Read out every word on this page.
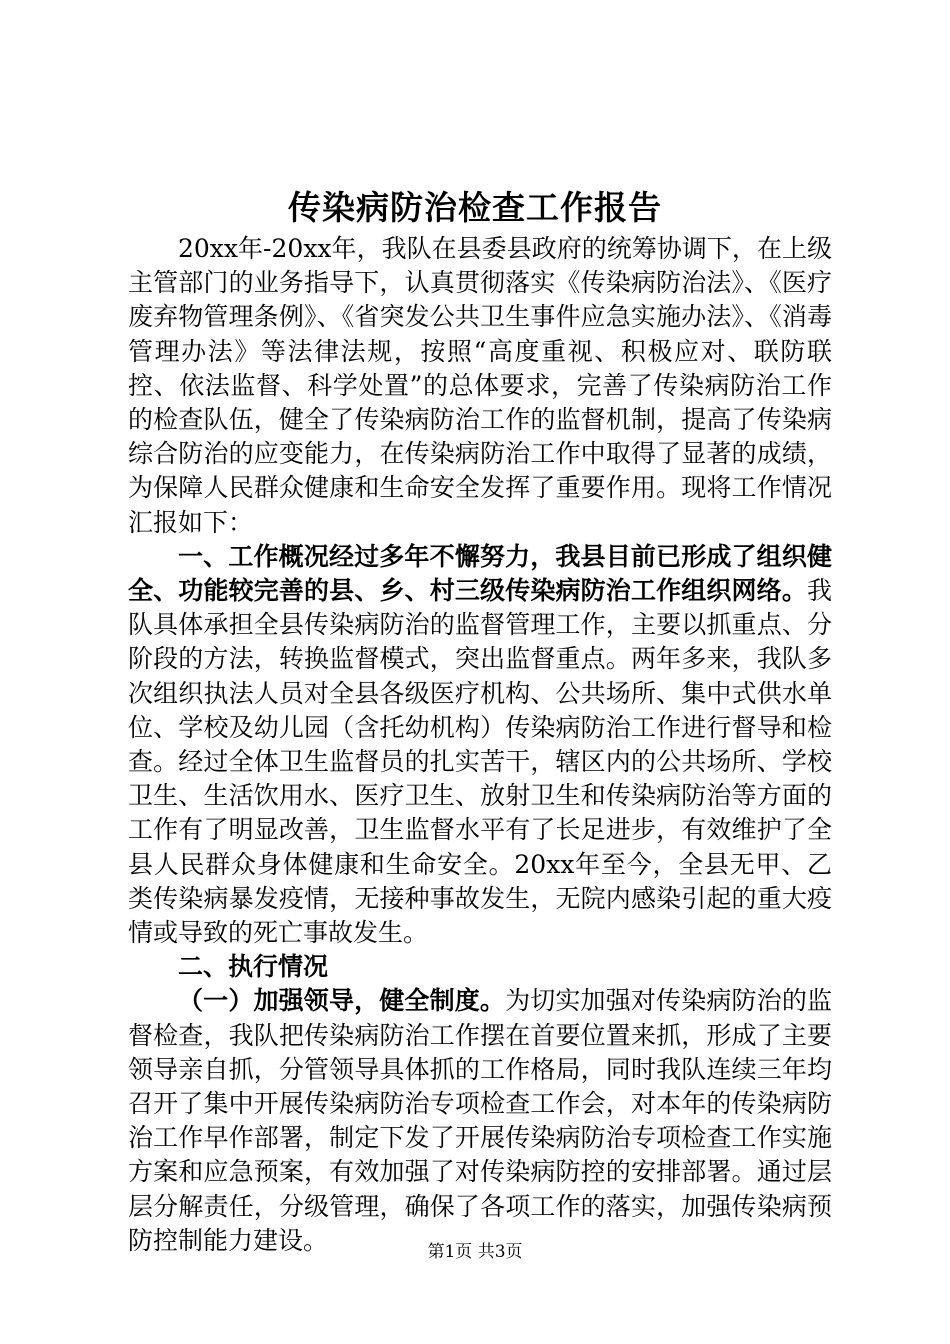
传染病防治检查工作报告

20xx年-20xx年，我队在县委县政府的统筹协调下，在上级主管部门的业务指导下，认真贯彻落实《传染病防治法》、《医疗废弃物管理条例》、《省突发公共卫生事件应急实施办法》、《消毒管理办法》等法律法规，按照“高度重视、积极应对、联防联控、依法监督、科学处置”的总体要求，完善了传染病防治工作的检查队伍，健全了传染病防治工作的监督机制，提高了传染病综合防治的应变能力，在传染病防治工作中取得了显著的成绩，为保障人民群众健康和生命安全发挥了重要作用。现将工作情况汇报如下：

一、工作概况经过多年不懈努力，我县目前已形成了组织健全、功能较完善的县、乡、村三级传染病防治工作组织网络。我队具体承担全县传染病防治的监督管理工作，主要以抓重点、分阶段的方法，转换监督模式，突出监督重点。两年多来，我队多次组织执法人员对全县各级医疗机构、公共场所、集中式供水单位、学校及幼儿园（含托幼机构）传染病防治工作进行督导和检查。经过全体卫生监督员的扎实苦干，辖区内的公共场所、学校卫生、生活饮用水、医疗卫生、放射卫生和传染病防治等方面的工作有了明显改善，卫生监督水平有了长足进步，有效维护了全县人民群众身体健康和生命安全。20xx年至今，全县无甲、乙类传染病暴发疫情，无接种事故发生，无院内感染引起的重大疫情或导致的死亡事故发生。

二、执行情况

（一）加强领导，健全制度。为切实加强对传染病防治的监督检查，我队把传染病防治工作摆在首要位置来抓，形成了主要领导亲自抓，分管领导具体抓的工作格局，同时我队连续三年均召开了集中开展传染病防治专项检查工作会，对本年的传染病防治工作早作部署，制定下发了开展传染病防治专项检查工作实施方案和应急预案，有效加强了对传染病防控的安排部署。通过层层分解责任，分级管理，确保了各项工作的落实，加强传染病预防控制能力建设。	第1页 共3页
